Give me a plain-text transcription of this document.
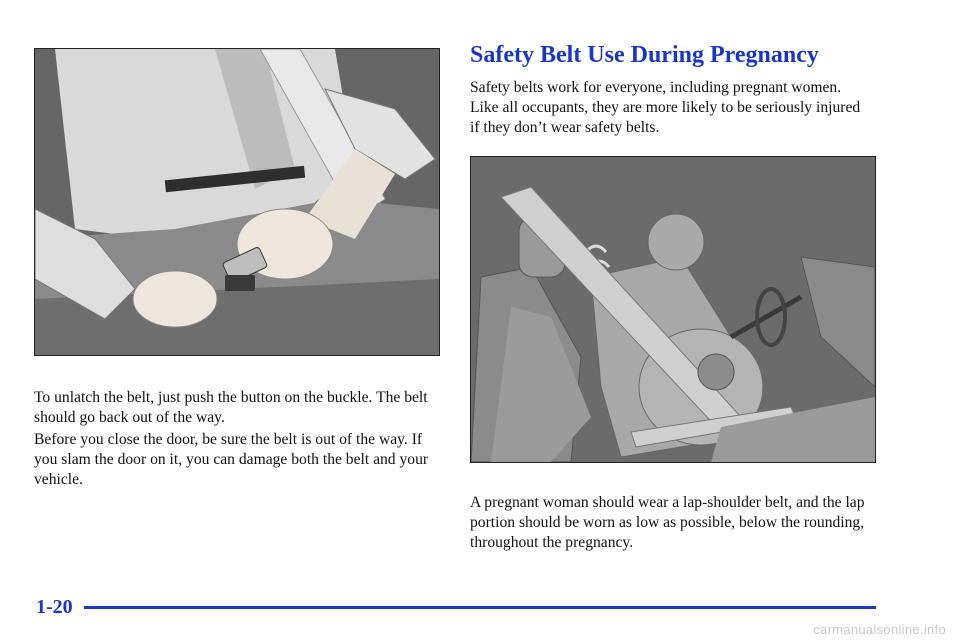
To unlatch the belt, just push the button on the buckle. The belt should go back out of the way.

Before you close the door, be sure the belt is out of the way. If you slam the door on it, you can damage both the belt and your vehicle.

Safety Belt Use During Pregnancy

Safety belts work for everyone, including pregnant women. Like all occupants, they are more likely to be seriously injured if they don’t wear safety belts.

A pregnant woman should wear a lap-shoulder belt, and the lap portion should be worn as low as possible, below the rounding, throughout the pregnancy.

1-20

carmanualsonline.info
